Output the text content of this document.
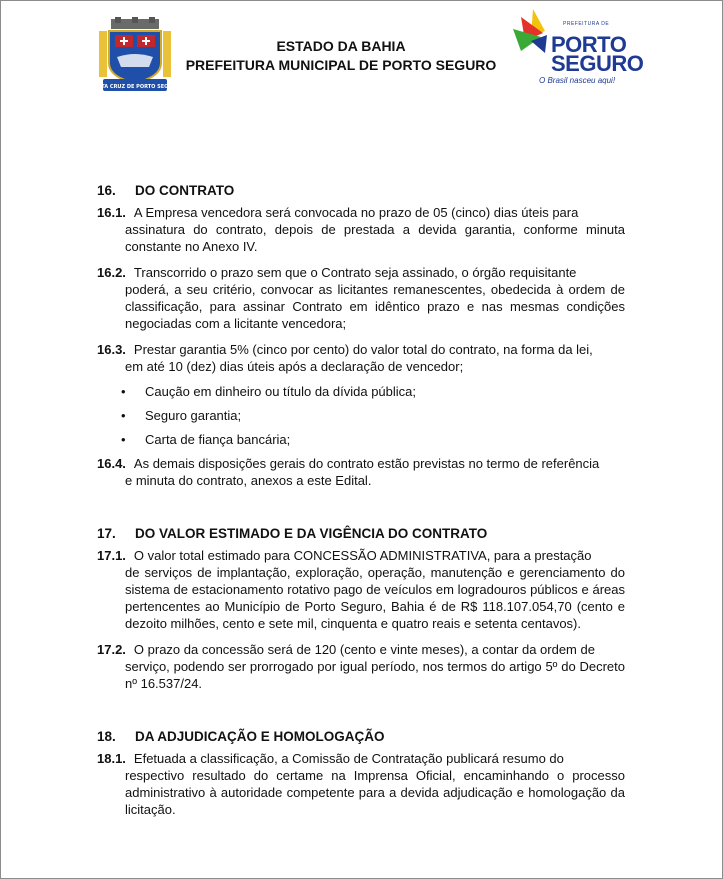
SANTA CRUZ DE PORTO SEGURO
ESTADO DA BAHIA
PREFEITURA MUNICIPAL DE PORTO SEGURO
PREFEITURA DE
PORTO
SEGURO
O Brasil nasceu aqui!
16. DO CONTRATO

16.1. A Empresa vencedora será convocada no prazo de 05 (cinco) dias úteis para

assinatura do contrato, depois de prestada a devida garantia, conforme minuta constante no Anexo IV.

16.2. Transcorrido o prazo sem que o Contrato seja assinado, o órgão requisitante

poderá, a seu critério, convocar as licitantes remanescentes, obedecida à ordem de classificação, para assinar Contrato em idêntico prazo e nas mesmas condições negociadas com a licitante vencedora;

16.3. Prestar garantia 5% (cinco por cento) do valor total do contrato, na forma da lei,

em até 10 (dez) dias úteis após a declaração de vencedor;

• Caução em dinheiro ou título da dívida pública;

• Seguro garantia;

• Carta de fiança bancária;

16.4. As demais disposições gerais do contrato estão previstas no termo de referência

e minuta do contrato, anexos a este Edital.

17. DO VALOR ESTIMADO E DA VIGÊNCIA DO CONTRATO

17.1. O valor total estimado para CONCESSÃO ADMINISTRATIVA, para a prestação

de serviços de implantação, exploração, operação, manutenção e gerenciamento do sistema de estacionamento rotativo pago de veículos em logradouros públicos e áreas pertencentes ao Município de Porto Seguro, Bahia é de R$ 118.107.054,70 (cento e dezoito milhões, cento e sete mil, cinquenta e quatro reais e setenta centavos).

17.2. O prazo da concessão será de 120 (cento e vinte meses), a contar da ordem de

serviço, podendo ser prorrogado por igual período, nos termos do artigo 5º do Decreto nº 16.537/24.

18. DA ADJUDICAÇÃO E HOMOLOGAÇÃO

18.1. Efetuada a classificação, a Comissão de Contratação publicará resumo do

respectivo resultado do certame na Imprensa Oficial, encaminhando o processo administrativo à autoridade competente para a devida adjudicação e homologação da licitação.
